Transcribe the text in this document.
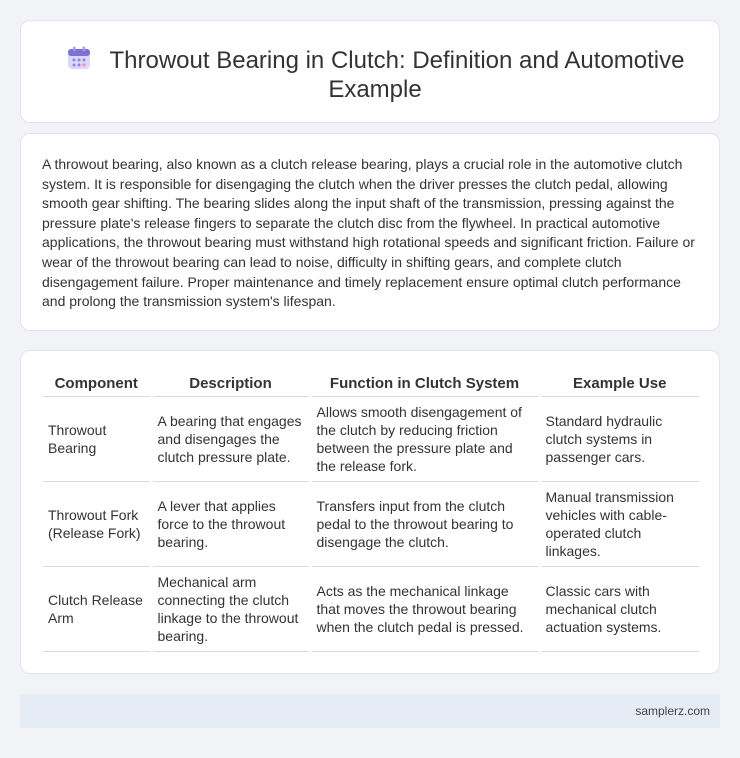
Throwout Bearing in Clutch: Definition and Automotive Example

A throwout bearing, also known as a clutch release bearing, plays a crucial role in the automotive clutch system. It is responsible for disengaging the clutch when the driver presses the clutch pedal, allowing smooth gear shifting. The bearing slides along the input shaft of the transmission, pressing against the pressure plate's release fingers to separate the clutch disc from the flywheel. In practical automotive applications, the throwout bearing must withstand high rotational speeds and significant friction. Failure or wear of the throwout bearing can lead to noise, difficulty in shifting gears, and complete clutch disengagement failure. Proper maintenance and timely replacement ensure optimal clutch performance and prolong the transmission system's lifespan.

Component	Description	Function in Clutch System	Example Use
Throwout Bearing	A bearing that engages and disengages the clutch pressure plate.	Allows smooth disengagement of the clutch by reducing friction between the pressure plate and the release fork.	Standard hydraulic clutch systems in passenger cars.
Throwout Fork (Release Fork)	A lever that applies force to the throwout bearing.	Transfers input from the clutch pedal to the throwout bearing to disengage the clutch.	Manual transmission vehicles with cable-operated clutch linkages.
Clutch Release Arm	Mechanical arm connecting the clutch linkage to the throwout bearing.	Acts as the mechanical linkage that moves the throwout bearing when the clutch pedal is pressed.	Classic cars with mechanical clutch actuation systems.
samplerz.com
